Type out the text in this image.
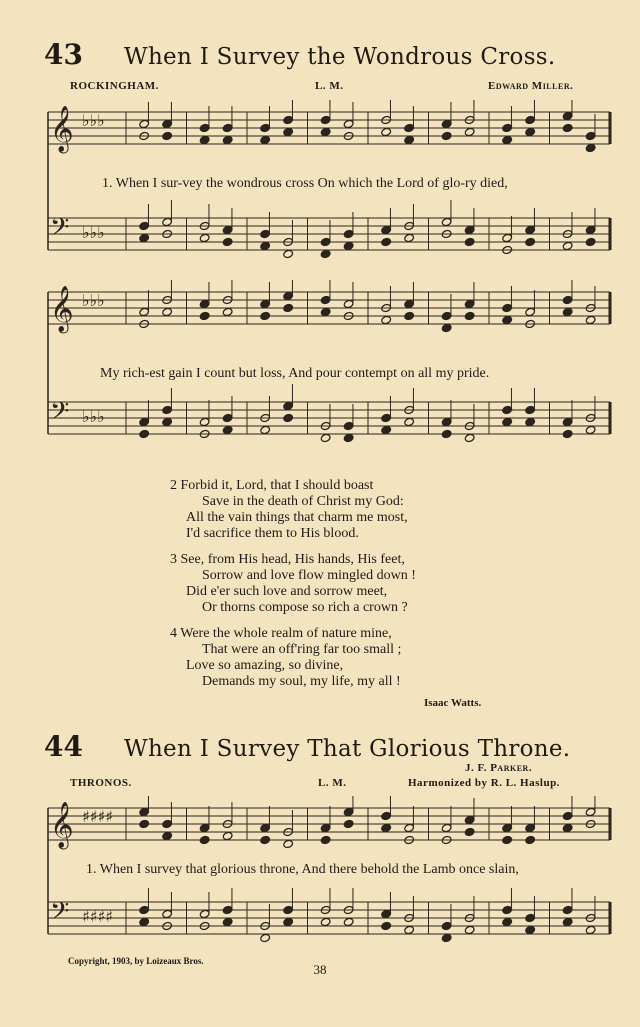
43	When I Survey the Wondrous Cross.
ROCKINGHAM.	L. M.	Edward Miller.
𝄞
𝄢
♭♭♭
♭♭♭
1. When I sur-vey the wondrous cross On which the Lord of glo-ry died,
𝄞
𝄢
♭♭♭
♭♭♭
My rich-est gain I count but loss, And pour contempt on all my pride.
2 Forbid it, Lord, that I should boast
Save in the death of Christ my God:
All the vain things that charm me most,
I'd sacrifice them to His blood.
3 See, from His head, His hands, His feet,
Sorrow and love flow mingled down !
Did e'er such love and sorrow meet,
Or thorns compose so rich a crown ?
4 Were the whole realm of nature mine,
That were an off'ring far too small ;
Love so amazing, so divine,
Demands my soul, my life, my all !
Isaac Watts.
44	When I Survey That Glorious Throne.
J. F. Parker.
THRONOS.	L. M.	Harmonized by R. L. Haslup.
𝄞
𝄢
♯♯♯♯
♯♯♯♯
1. When I survey that glorious throne, And there behold the Lamb once slain,
Copyright, 1903, by Loizeaux Bros.
38
